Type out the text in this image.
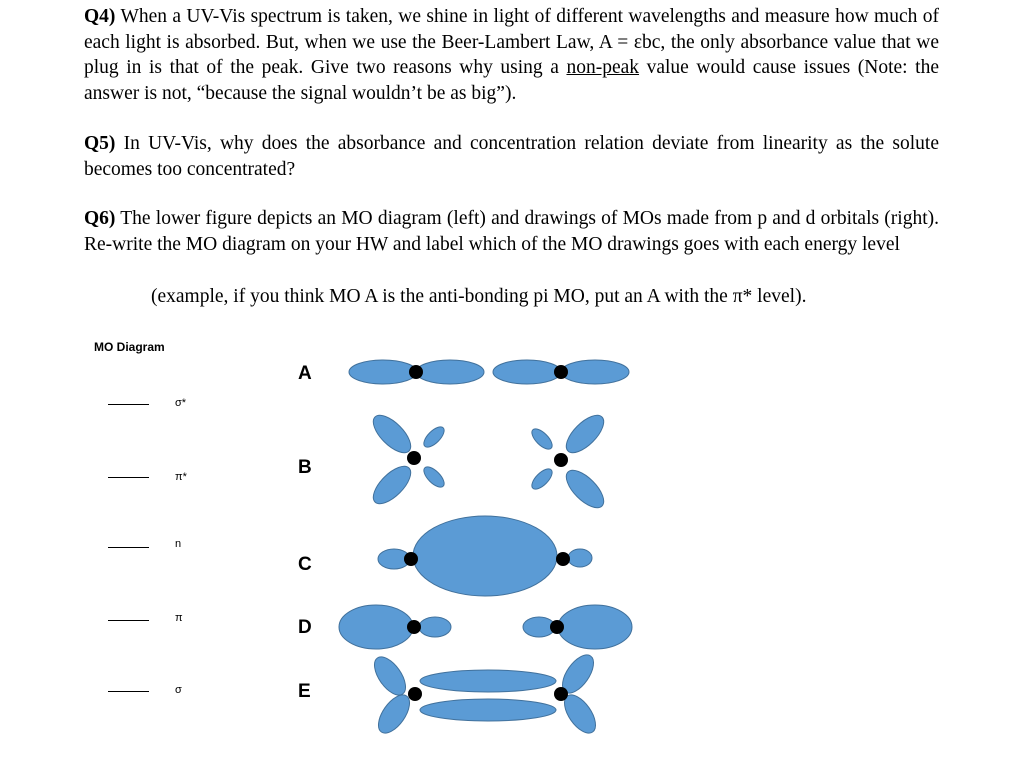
Q4) When a UV-Vis spectrum is taken, we shine in light of different wavelengths and measure how much of each light is absorbed. But, when we use the Beer-Lambert Law, A = εbc, the only absorbance value that we plug in is that of the peak. Give two reasons why using a non-peak value would cause issues (Note: the answer is not, “because the signal wouldn’t be as big”).
Q5) In UV-Vis, why does the absorbance and concentration relation deviate from linearity as the solute becomes too concentrated?
Q6) The lower figure depicts an MO diagram (left) and drawings of MOs made from p and d orbitals (right). Re-write the MO diagram on your HW and label which of the MO drawings goes with each energy level
(example, if you think MO A is the anti-bonding pi MO, put an A with the π* level).
MO Diagram
σ*
π*
n
π
σ
A
B
C
D
E
